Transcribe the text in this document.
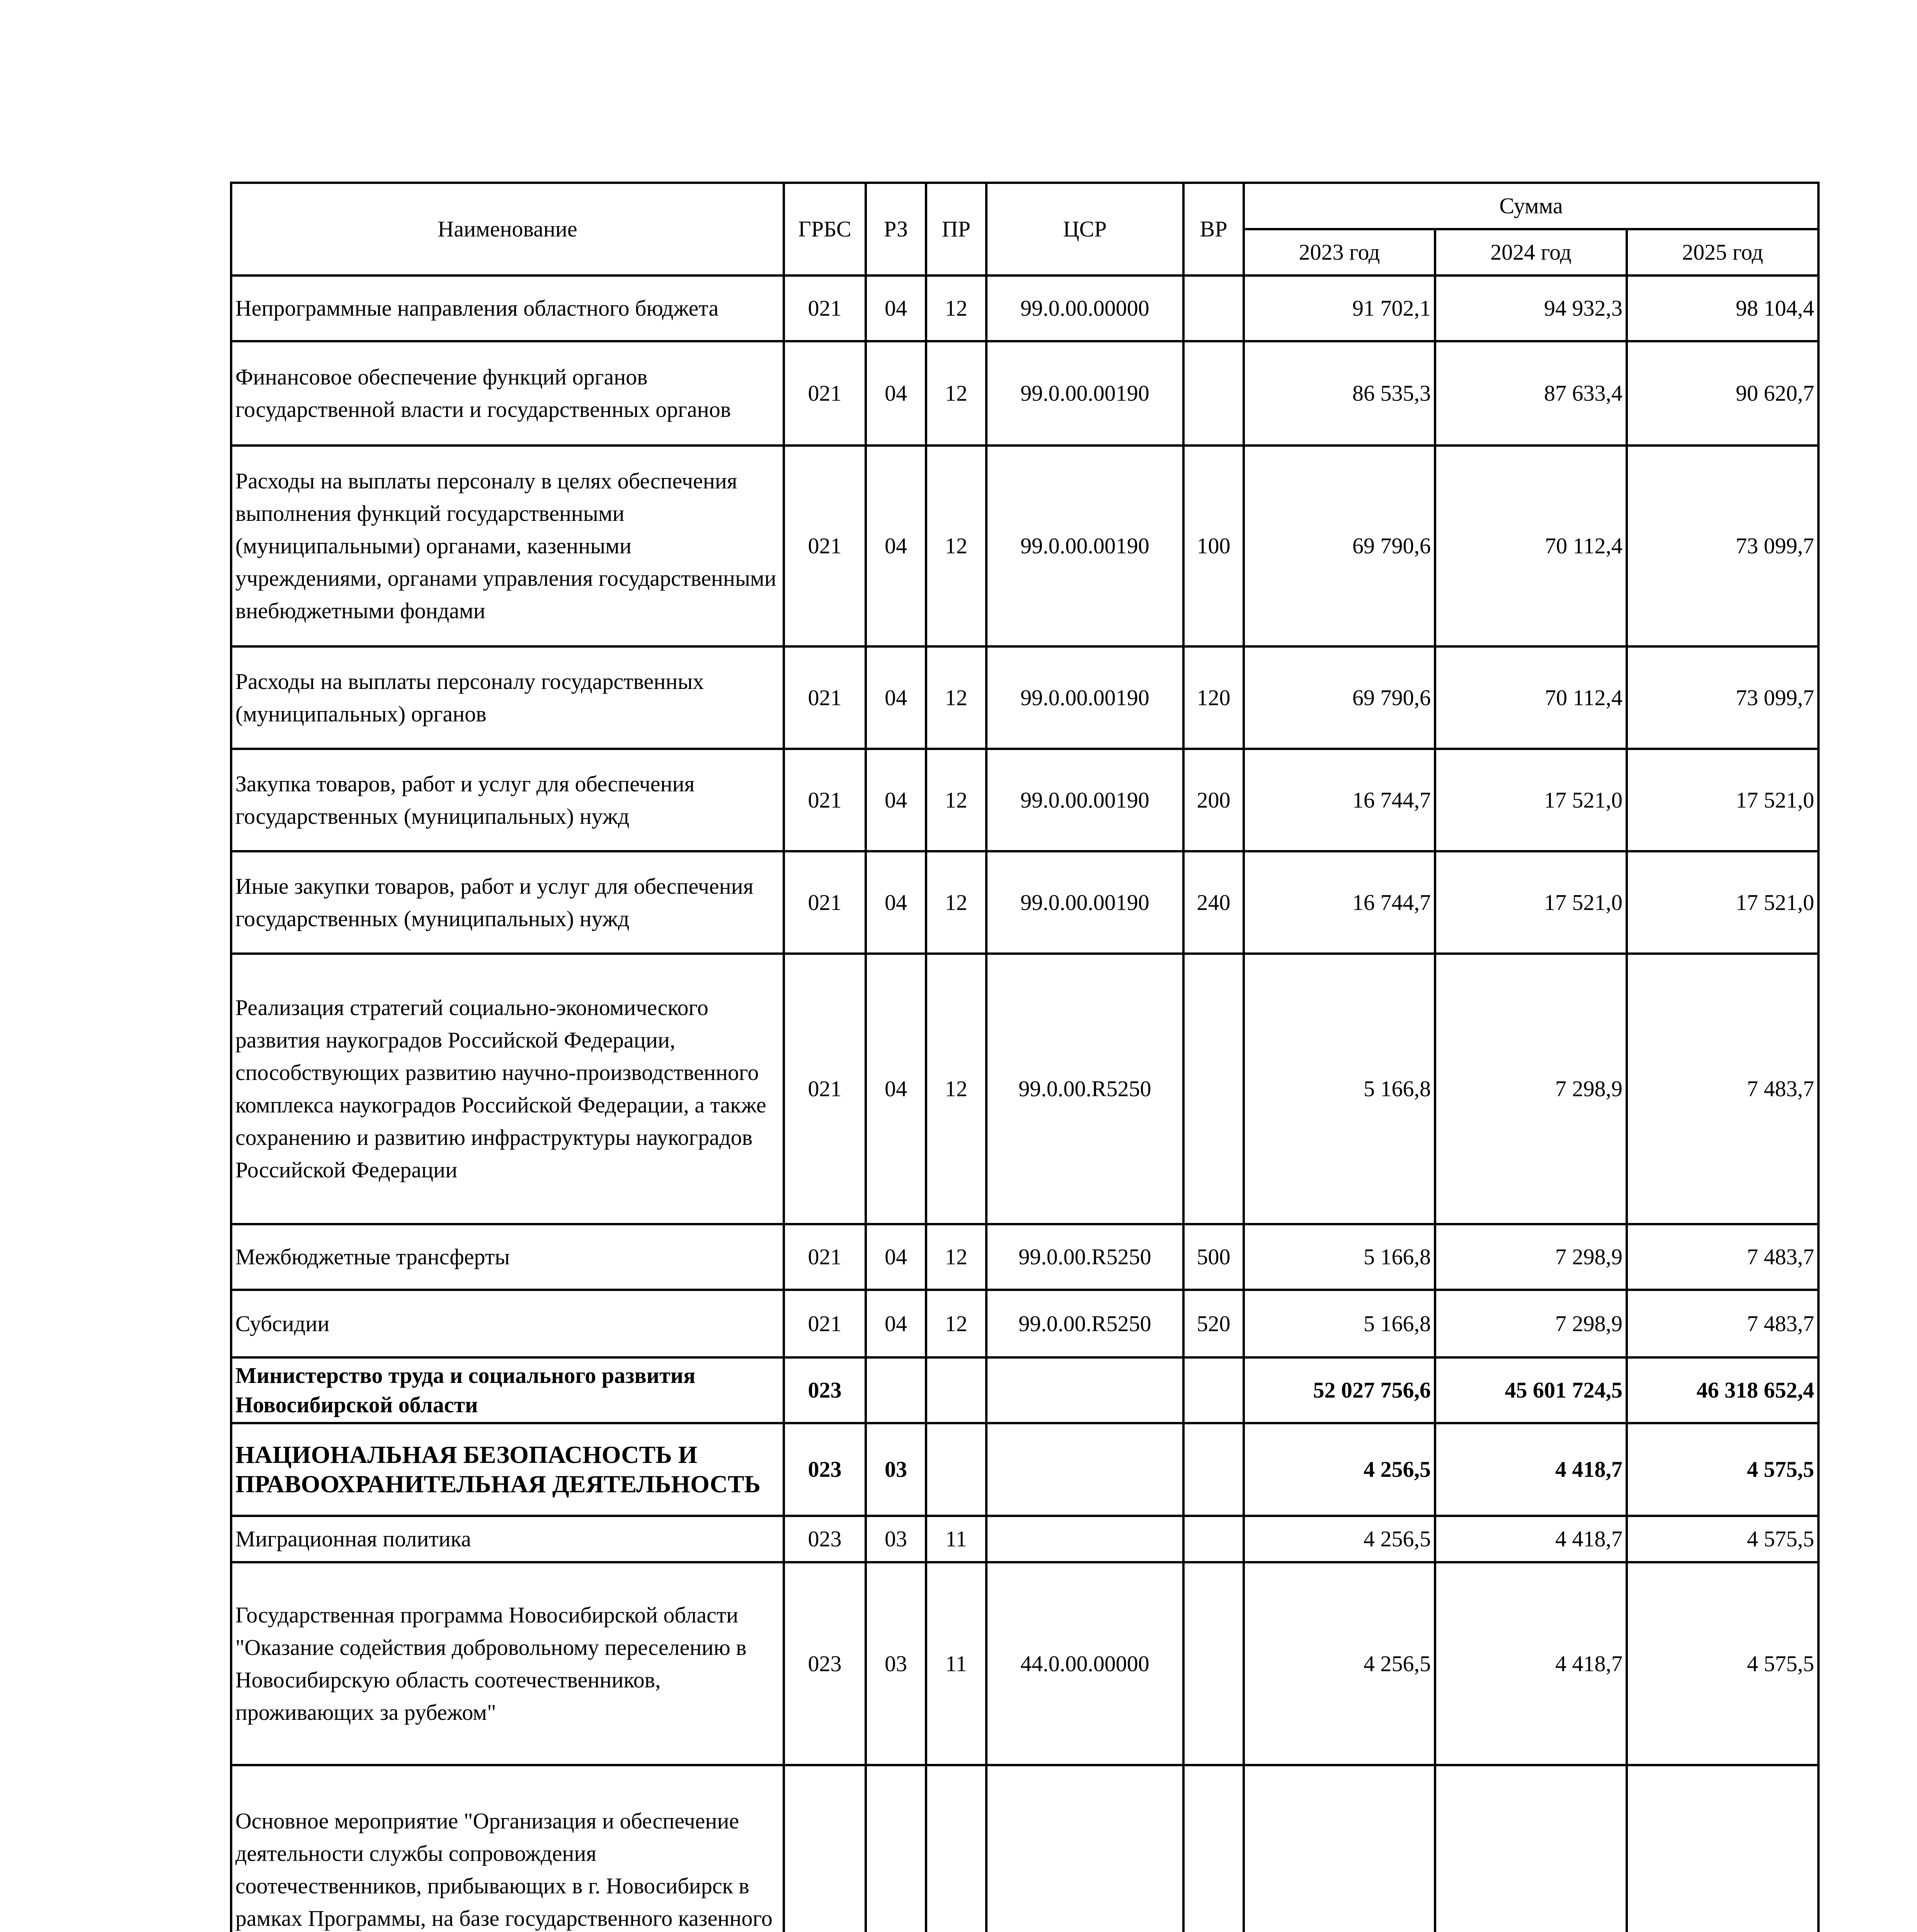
Наименование	ГРБС	РЗ	ПР	ЦСР	ВР	Сумма		
						2023 год	2024 год	2025 год
Непрограммные направления областного бюджета	021	04	12	99.0.00.00000		91 702,1	94 932,3	98 104,4
Финансовое обеспечение функций органов государственной власти и государственных органов	021	04	12	99.0.00.00190		86 535,3	87 633,4	90 620,7
Расходы на выплаты персоналу в целях обеспечения выполнения функций государственными (муниципальными) органами, казенными учреждениями, органами управления государственными внебюджетными фондами	021	04	12	99.0.00.00190	100	69 790,6	70 112,4	73 099,7
Расходы на выплаты персоналу государственных (муниципальных) органов	021	04	12	99.0.00.00190	120	69 790,6	70 112,4	73 099,7
Закупка товаров, работ и услуг для обеспечения государственных (муниципальных) нужд	021	04	12	99.0.00.00190	200	16 744,7	17 521,0	17 521,0
Иные закупки товаров, работ и услуг для обеспечения государственных (муниципальных) нужд	021	04	12	99.0.00.00190	240	16 744,7	17 521,0	17 521,0
Реализация стратегий социально-экономического развития наукоградов Российской Федерации, способствующих развитию научно-производственного комплекса наукоградов Российской Федерации, а также сохранению и развитию инфраструктуры наукоградов Российской Федерации	021	04	12	99.0.00.R5250		5 166,8	7 298,9	7 483,7
Межбюджетные трансферты	021	04	12	99.0.00.R5250	500	5 166,8	7 298,9	7 483,7
Субсидии	021	04	12	99.0.00.R5250	520	5 166,8	7 298,9	7 483,7
Министерство труда и социального развития Новосибирской области	023					52 027 756,6	45 601 724,5	46 318 652,4
НАЦИОНАЛЬНАЯ БЕЗОПАСНОСТЬ И ПРАВООХРАНИТЕЛЬНАЯ ДЕЯТЕЛЬНОСТЬ	023	03				4 256,5	4 418,7	4 575,5
Миграционная политика	023	03	11			4 256,5	4 418,7	4 575,5
Государственная программа Новосибирской области "Оказание содействия добровольному переселению в Новосибирскую область соотечественников, проживающих за рубежом"	023	03	11	44.0.00.00000		4 256,5	4 418,7	4 575,5
Основное мероприятие "Организация и обеспечение деятельности службы сопровождения соотечественников, прибывающих в г. Новосибирск в рамках Программы, на базе государственного казенного								
